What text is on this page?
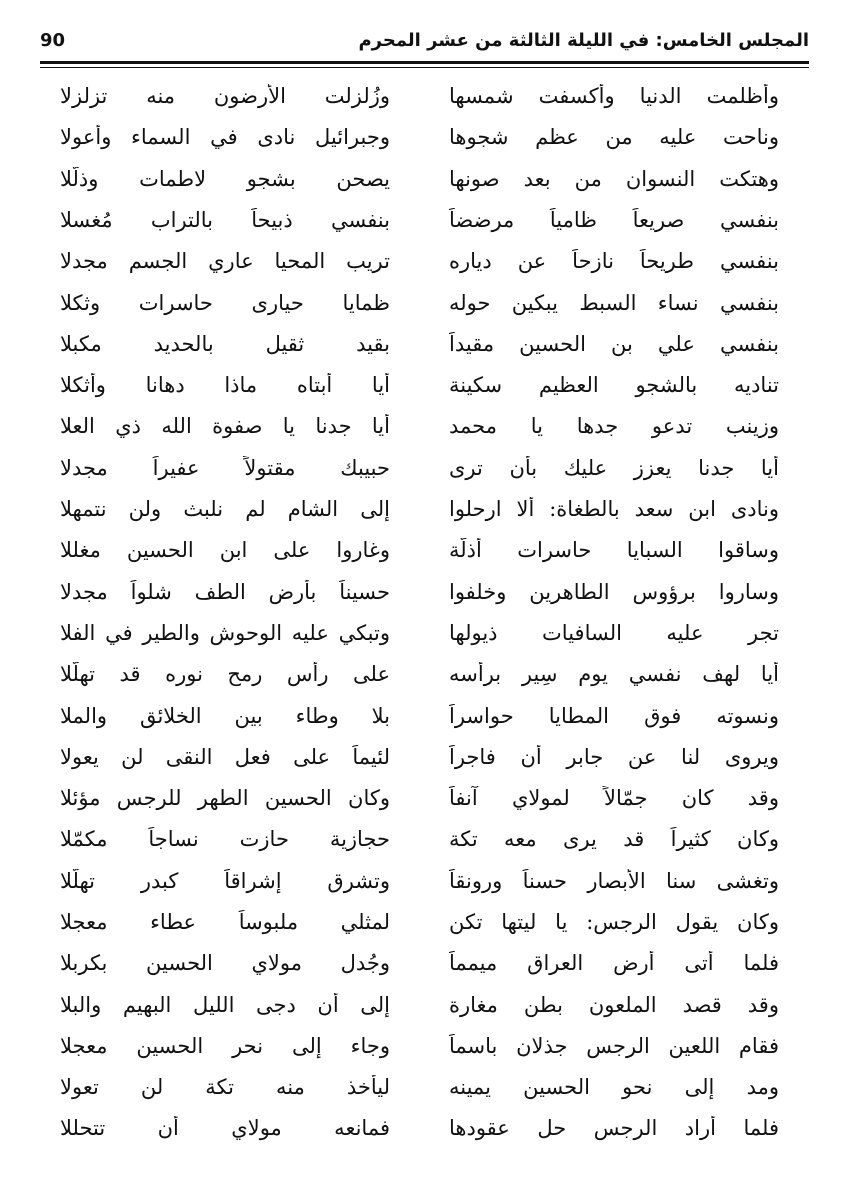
المجلس الخامس: في الليلة الثالثة من عشر المحرم
90
وأظلمت الدنيا وأكسفت شمسها
وزُلزلت الأرضون منه تزلزلا
وناحت عليه من عظم شجوها
وجبرائيل نادى في السماء وأعولا
وهتكت النسوان من بعد صونها
يصحن بشجو لاطمات وذلّلا
بنفسي صريعاً ظامياً مرضضاً
بنفسي ذبيحاً بالتراب مُغسلا
بنفسي طريحاً نازحاً عن دياره
تريب المحيا عاري الجسم مجدلا
بنفسي نساء السبط يبكين حوله
ظمايا حيارى حاسرات وثكلا
بنفسي علي بن الحسين مقيداً
بقيد ثقيل بالحديد مكبلا
تناديه بالشجو العظيم سكينة
أيا أبتاه ماذا دهانا وأثكلا
وزينب تدعو جدها يا محمد
أيا جدنا يا صفوة الله ذي العلا
أيا جدنا يعزز عليك بأن ترى
حبيبك مقتولاً عفيراً مجدلا
ونادى ابن سعد بالطغاة: ألا ارحلوا
إلى الشام لم نلبث ولن نتمهلا
وساقوا السبايا حاسرات أذلّة
وغاروا على ابن الحسين مغللا
وساروا برؤوس الطاهرين وخلفوا
حسيناً بأرض الطف شلواً مجدلا
تجر عليه السافيات ذيولها
وتبكي عليه الوحوش والطير في الفلا
أيا لهف نفسي يوم سِير برأسه
على رأس رمح نوره قد تهلّلا
ونسوته فوق المطايا حواسراً
بلا وطاء بين الخلائق والملا
ويروى لنا عن جابر أن فاجراً
لئيماً على فعل النقى لن يعولا
وقد كان جمّالاً لمولاي آنفاً
وكان الحسين الطهر للرجس مؤئلا
وكان كثيراً قد يرى معه تكة
حجازية حازت نساجاً مكمّلا
وتغشى سنا الأبصار حسناً ورونقاً
وتشرق إشراقاً كبدر تهلّلا
وكان يقول الرجس: يا ليتها تكن
لمثلي ملبوساً عطاء معجلا
فلما أتى أرض العراق ميمماً
وجُدل مولاي الحسين بكربلا
وقد قصد الملعون بطن مغارة
إلى أن دجى الليل البهيم والبلا
فقام اللعين الرجس جذلان باسماً
وجاء إلى نحر الحسين معجلا
ومد إلى نحو الحسين يمينه
ليأخذ منه تكة لن تعولا
فلما أراد الرجس حل عقودها
فمانعه مولاي أن تتحللا
